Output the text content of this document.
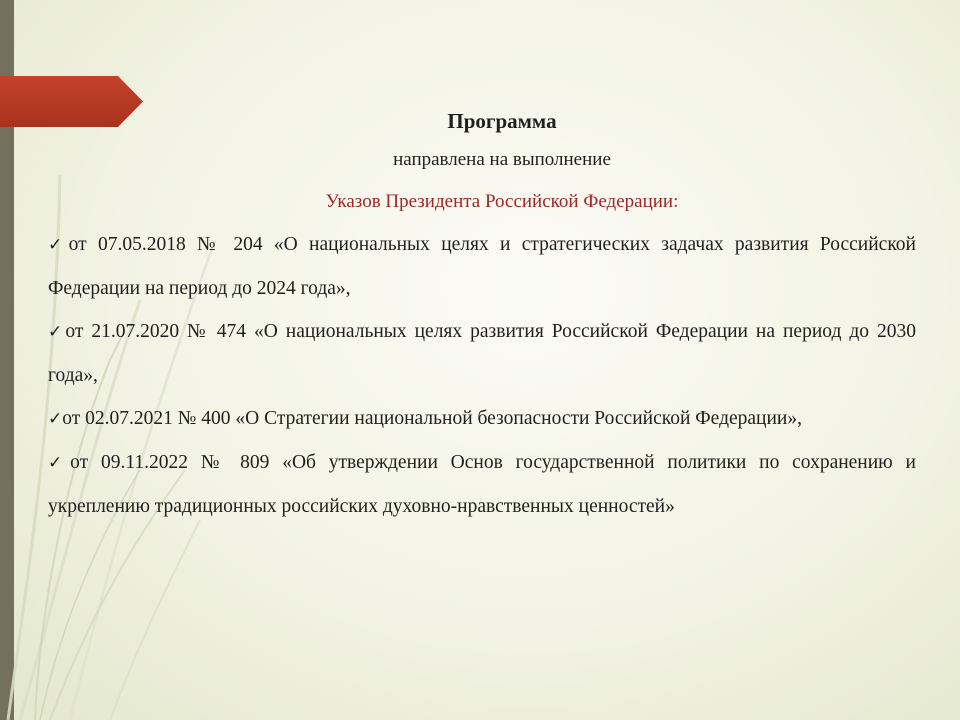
Программа
направлена на выполнение
Указов Президента Российской Федерации:
✓от 07.05.2018 № 204 «О национальных целях и стратегических задачах развития Российской Федерации на период до 2024 года»,
✓от 21.07.2020 № 474 «О национальных целях развития Российской Федерации на период до 2030 года»,
✓от 02.07.2021 № 400 «О Стратегии национальной безопасности Российской Федерации»,
✓от 09.11.2022 № 809 «Об утверждении Основ государственной политики по сохранению и укреплению традиционных российских духовно-нравственных ценностей»
